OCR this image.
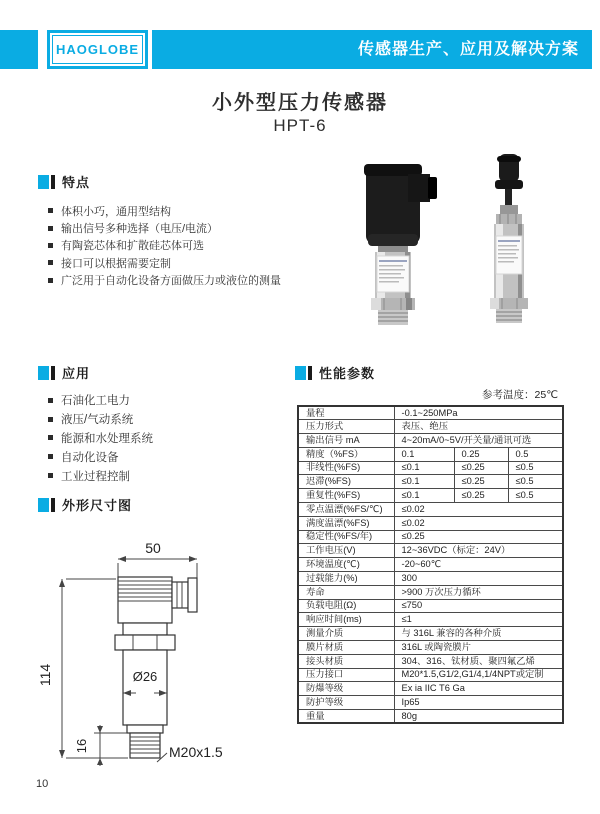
HAOGLOBE	传感器生产、应用及解决方案
小外型压力传感器
HPT-6
特点
体积小巧，通用型结构
输出信号多种选择（电压/电流）
有陶瓷芯体和扩散硅芯体可选
接口可以根据需要定制
广泛用于自动化设备方面做压力或液位的测量
应用
石油化工电力
液压/气动系统
能源和水处理系统
自动化设备
工业过程控制
外形尺寸图
50
Ø26
114
16	M20x1.5
性能参数
参考温度：25℃
量程	-0.1~250MPa		
压力形式	表压、绝压		
输出信号 mA	4~20mA/0~5V/开关量/通讯可选		
精度（%FS）	0.1	0.25	0.5
非线性(%FS)	≤0.1	≤0.25	≤0.5
迟滞(%FS)	≤0.1	≤0.25	≤0.5
重复性(%FS)	≤0.1	≤0.25	≤0.5
零点温漂(%FS/℃)	≤0.02		
满度温漂(%FS)	≤0.02		
稳定性(%FS/年)	≤0.25		
工作电压(V)	12~36VDC（标定：24V）		
环境温度(℃)	-20~60℃		
过载能力(%)	300		
寿命	>900 万次压力循环		
负载电阻(Ω)	≤750		
响应时间(ms)	≤1		
测量介质	与 316L 兼容的各种介质		
膜片材质	316L 或陶瓷膜片		
接头材质	304、316、钛材质、聚四氟乙烯		
压力接口	M20*1.5,G1/2,G1/4,1/4NPT或定制		
防爆等级	Ex ia IIC T6 Ga		
防护等级	Ip65		
重量	80g		
10
